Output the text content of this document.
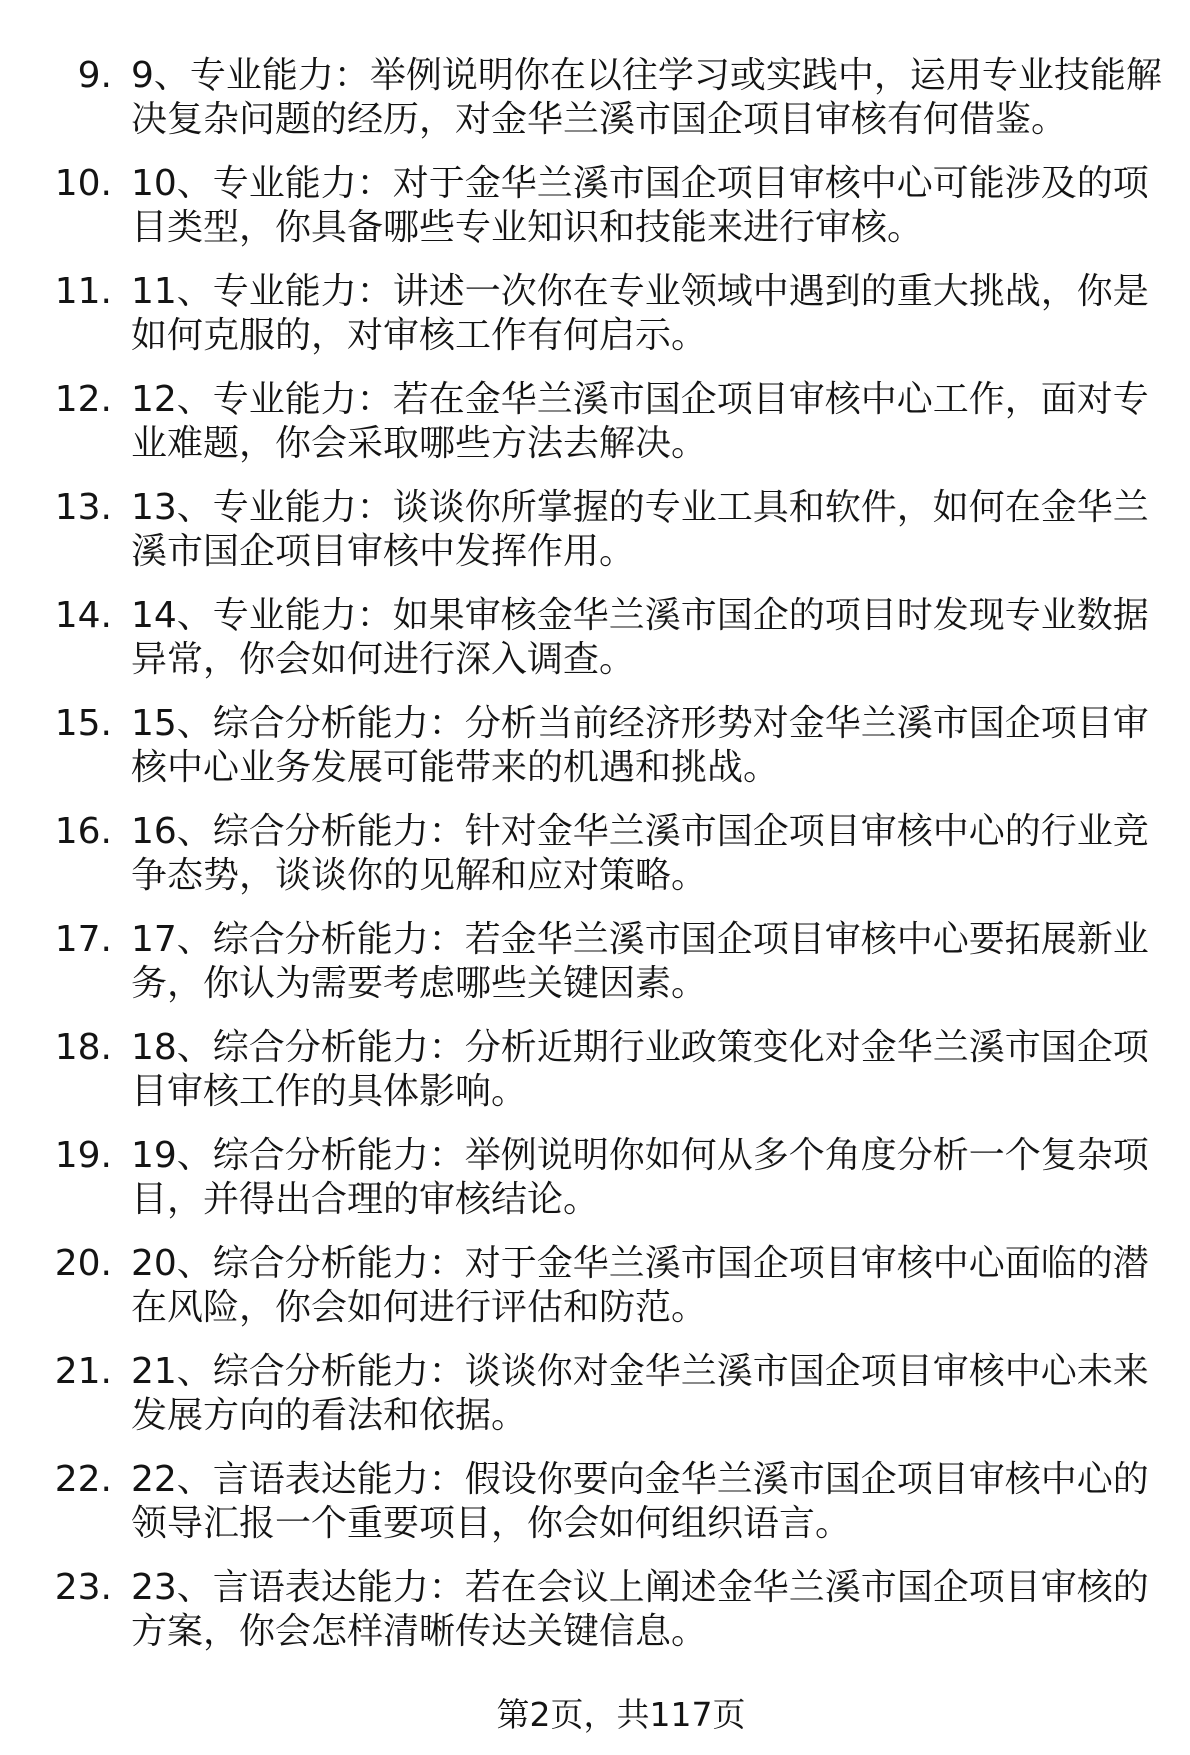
9. 9、专业能力：举例说明你在以往学习或实践中，运用专业技能解
决复杂问题的经历，对金华兰溪市国企项目审核有何借鉴。
10. 10、专业能力：对于金华兰溪市国企项目审核中心可能涉及的项
目类型，你具备哪些专业知识和技能来进行审核。
11. 11、专业能力：讲述一次你在专业领域中遇到的重大挑战，你是
如何克服的，对审核工作有何启示。
12. 12、专业能力：若在金华兰溪市国企项目审核中心工作，面对专
业难题，你会采取哪些方法去解决。
13. 13、专业能力：谈谈你所掌握的专业工具和软件，如何在金华兰
溪市国企项目审核中发挥作用。
14. 14、专业能力：如果审核金华兰溪市国企的项目时发现专业数据
异常，你会如何进行深入调查。
15. 15、综合分析能力：分析当前经济形势对金华兰溪市国企项目审
核中心业务发展可能带来的机遇和挑战。
16. 16、综合分析能力：针对金华兰溪市国企项目审核中心的行业竞
争态势，谈谈你的见解和应对策略。
17. 17、综合分析能力：若金华兰溪市国企项目审核中心要拓展新业
务，你认为需要考虑哪些关键因素。
18. 18、综合分析能力：分析近期行业政策变化对金华兰溪市国企项
目审核工作的具体影响。
19. 19、综合分析能力：举例说明你如何从多个角度分析一个复杂项
目，并得出合理的审核结论。
20. 20、综合分析能力：对于金华兰溪市国企项目审核中心面临的潜
在风险，你会如何进行评估和防范。
21. 21、综合分析能力：谈谈你对金华兰溪市国企项目审核中心未来
发展方向的看法和依据。
22. 22、言语表达能力：假设你要向金华兰溪市国企项目审核中心的
领导汇报一个重要项目，你会如何组织语言。
23. 23、言语表达能力：若在会议上阐述金华兰溪市国企项目审核的
方案，你会怎样清晰传达关键信息。
第2页，共117页
